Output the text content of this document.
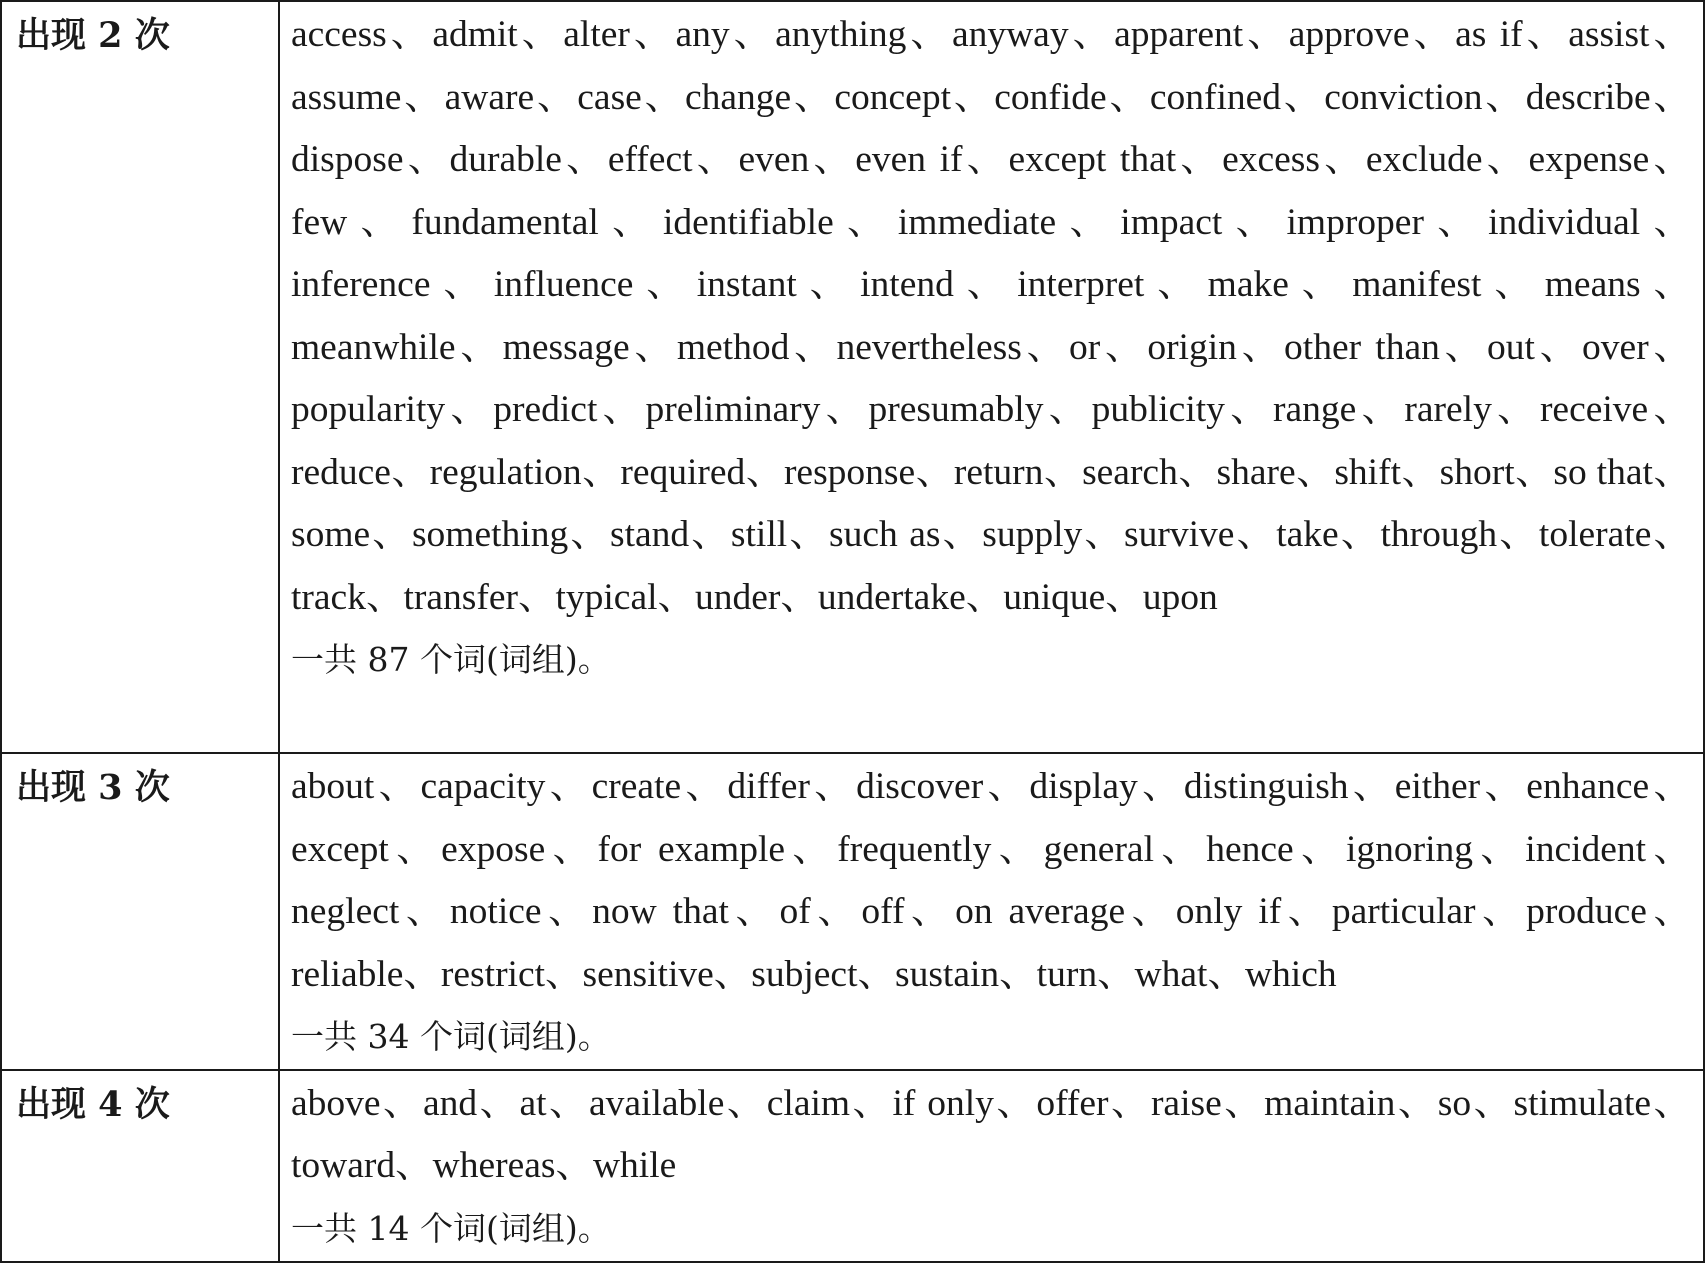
出现 2 次	access、admit、alter、any、anything、anyway、apparent、approve、as if、assist、assume、aware、case、change、concept、confide、confined、conviction、describe、dispose、durable、effect、even、even if、except that、excess、exclude、expense、few、fundamental、identifiable、immediate、impact、improper、individual、inference、influence、instant、intend、interpret、make、manifest、means、meanwhile、message、method、nevertheless、or、origin、other than、out、over、popularity、predict、preliminary、presumably、publicity、range、rarely、receive、reduce、regulation、required、response、return、search、share、shift、short、so that、some、something、stand、still、such as、supply、survive、take、through、tolerate、track、transfer、typical、under、undertake、unique、upon
一共 87 个词(词组)。

出现 3 次	about、capacity、create、differ、discover、display、distinguish、either、enhance、except、expose、for example、frequently、general、hence、ignoring、incident、neglect、notice、now that、of、off、on average、only if、particular、produce、reliable、restrict、sensitive、subject、sustain、turn、what、which
一共 34 个词(词组)。

出现 4 次	above、and、at、available、claim、if only、offer、raise、maintain、so、stimulate、toward、whereas、while
一共 14 个词(词组)。
